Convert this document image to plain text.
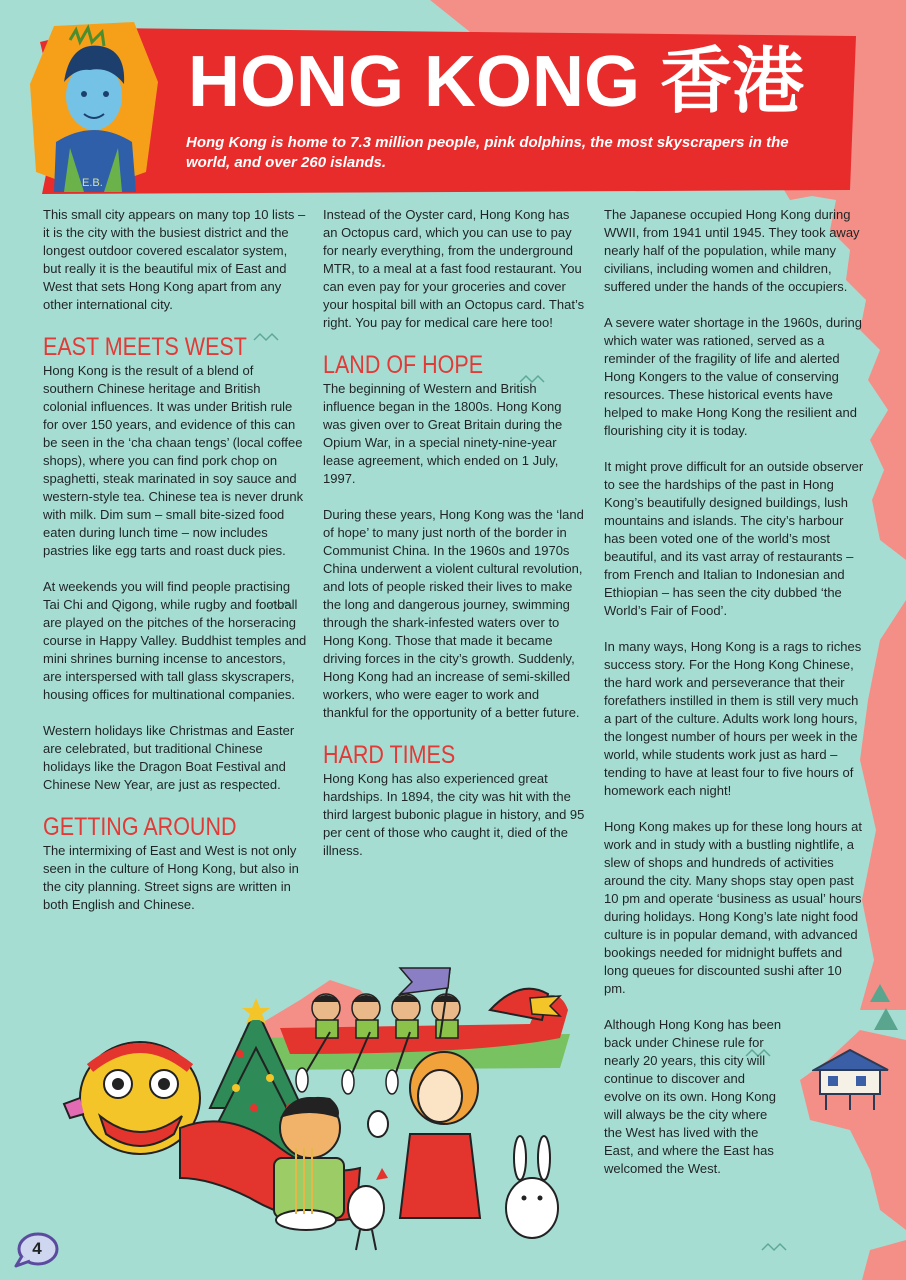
E.B.
HONG KONG 香港

Hong Kong is home to 7.3 million people, pink dolphins, the most skyscrapers in the world, and over 260 islands.

This small city appears on many top 10 lists – it is the city with the busiest district and the longest outdoor covered escalator system, but really it is the beautiful mix of East and West that sets Hong Kong apart from any other international city.

EAST MEETS WEST

Hong Kong is the result of a blend of southern Chinese heritage and British colonial influences. It was under British rule for over 150 years, and evidence of this can be seen in the ‘cha chaan tengs’ (local coffee shops), where you can find pork chop on spaghetti, steak marinated in soy sauce and western-style tea. Chinese tea is never drunk with milk. Dim sum – small bite-sized food eaten during lunch time – now includes pastries like egg tarts and roast duck pies.

At weekends you will find people practising Tai Chi and Qigong, while rugby and football are played on the pitches of the horseracing course in Happy Valley. Buddhist temples and mini shrines burning incense to ancestors, are interspersed with tall glass skyscrapers, housing offices for multinational companies.

Western holidays like Christmas and Easter are celebrated, but traditional Chinese holidays like the Dragon Boat Festival and Chinese New Year, are just as respected.

GETTING AROUND

The intermixing of East and West is not only seen in the culture of Hong Kong, but also in the city planning. Street signs are written in both English and Chinese.

Instead of the Oyster card, Hong Kong has an Octopus card, which you can use to pay for nearly everything, from the underground MTR, to a meal at a fast food restaurant. You can even pay for your groceries and cover your hospital bill with an Octopus card. That’s right. You pay for medical care here too!

LAND OF HOPE

The beginning of Western and British influence began in the 1800s. Hong Kong was given over to Great Britain during the Opium War, in a special ninety-nine-year lease agreement, which ended on 1 July, 1997.

During these years, Hong Kong was the ‘land of hope’ to many just north of the border in Communist China. In the 1960s and 1970s China underwent a violent cultural revolution, and lots of people risked their lives to make the long and dangerous journey, swimming through the shark-infested waters over to Hong Kong. Those that made it became driving forces in the city’s growth. Suddenly, Hong Kong had an increase of semi-skilled workers, who were eager to work and thankful for the opportunity of a better future.

HARD TIMES

Hong Kong has also experienced great hardships. In 1894, the city was hit with the third largest bubonic plague in history, and 95 per cent of those who caught it, died of the illness.

The Japanese occupied Hong Kong during WWII, from 1941 until 1945. They took away nearly half of the population, while many civilians, including women and children, suffered under the hands of the occupiers.

A severe water shortage in the 1960s, during which water was rationed, served as a reminder of the fragility of life and alerted Hong Kongers to the value of conserving resources. These historical events have helped to make Hong Kong the resilient and flourishing city it is today.

It might prove difficult for an outside observer to see the hardships of the past in Hong Kong’s beautifully designed buildings, lush mountains and islands. The city’s harbour has been voted one of the world’s most beautiful, and its vast array of restaurants – from French and Italian to Indonesian and Ethiopian – has seen the city dubbed ‘the World’s Fair of Food’.

In many ways, Hong Kong is a rags to riches success story. For the Hong Kong Chinese, the hard work and perseverance that their forefathers instilled in them is still very much a part of the culture. Adults work long hours, the longest number of hours per week in the world, while students work just as hard – tending to have at least four to five hours of homework each night!

Hong Kong makes up for these long hours at work and in study with a bustling nightlife, a slew of shops and hundreds of activities around the city. Many shops stay open past 10 pm and operate ‘business as usual’ hours during holidays. Hong Kong’s late night food culture is in popular demand, with advanced bookings needed for midnight buffets and long queues for discounted sushi after 10 pm.

Although Hong Kong has been back under Chinese rule for nearly 20 years, this city will continue to discover and evolve on its own. Hong Kong will always be the city where the West has lived with the East, and where the East has welcomed the West.

4
